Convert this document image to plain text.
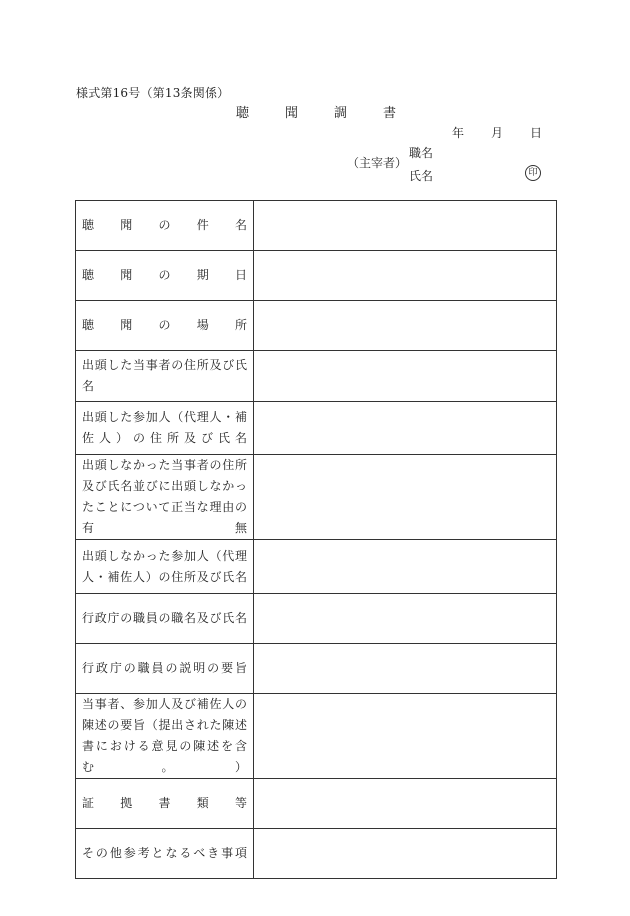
様式第16号（第13条関係）
聴	聞	調	書
年 月 日
（主宰者）
職名
氏名	印
聴 聞 の 件 名	

聴 聞 の 期 日	

聴 聞 の 場 所	

出頭した当事者の住所及び氏名	

出頭した参加人（代理人・補佐人）の住所及び氏名	

出頭しなかった当事者の住所及び氏名並びに出頭しなかったことについて正当な理由の有無	

出頭しなかった参加人（代理人・補佐人）の住所及び氏名	

行政庁の職員の職名及び氏名	

行政庁の職員の説明の要旨	

当事者、参加人及び補佐人の陳述の要旨（提出された陳述書における意見の陳述を含む。）	

証 拠 書 類 等	

その他参考となるべき事項	
